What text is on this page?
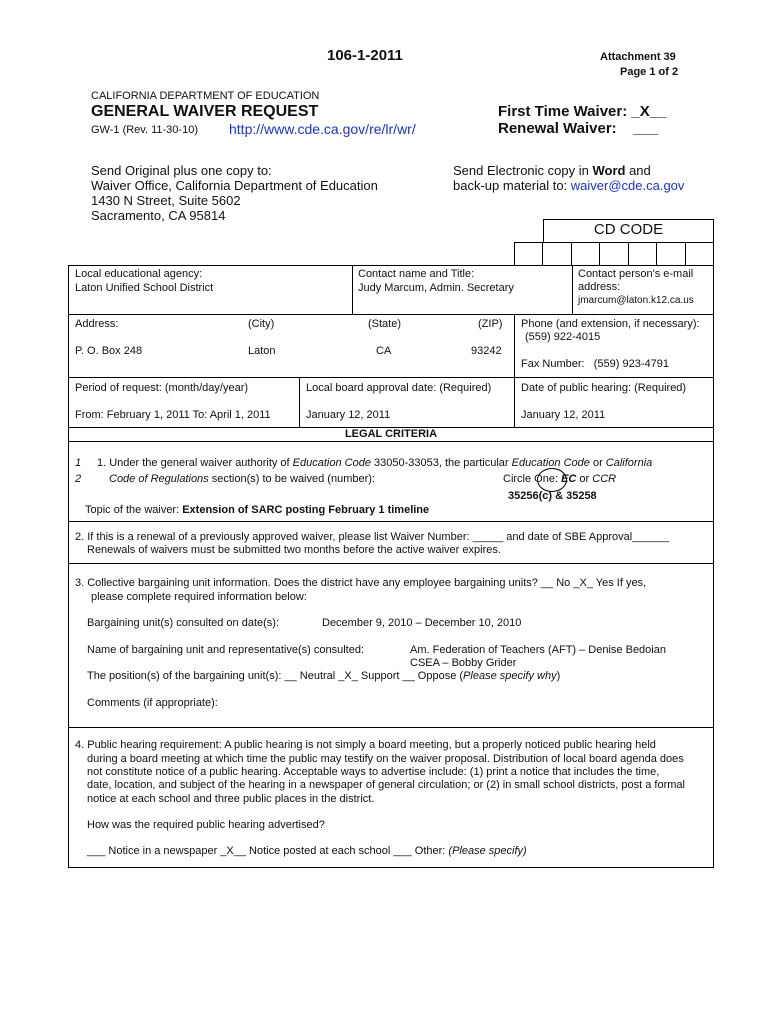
106-1-2011	Attachment 39
Page 1 of 2
CALIFORNIA DEPARTMENT OF EDUCATION
GENERAL WAIVER REQUEST
GW-1 (Rev. 11-30-10) http://www.cde.ca.gov/re/lr/wr/
First Time Waiver: _X__
Renewal Waiver: ___
Send Original plus one copy to:
Waiver Office, California Department of Education
1430 N Street, Suite 5602
Sacramento, CA 95814
Send Electronic copy in Word and
back-up material to: waiver@cde.ca.gov
CD CODE
Local educational agency:
Laton Unified School District
Contact name and Title:
Judy Marcum, Admin. Secretary
Contact person's e-mail
address:
jmarcum@laton.k12.ca.us
Address:	(City)	(State)	(ZIP)
P. O. Box 248	Laton	CA	93242
Phone (and extension, if necessary):
(559) 922-4015
Fax Number: (559) 923-4791
Period of request: (month/day/year)
From: February 1, 2011 To: April 1, 2011
Local board approval date: (Required)
January 12, 2011
Date of public hearing: (Required)
January 12, 2011
LEGAL CRITERIA
1
2
1. Under the general waiver authority of Education Code 33050-33053, the particular Education Code or California
Code of Regulations section(s) to be waived (number):	Circle One: EC or CCR
35256(c) & 35258
Topic of the waiver: Extension of SARC posting February 1 timeline
2. If this is a renewal of a previously approved waiver, please list Waiver Number: _____ and date of SBE Approval______
Renewals of waivers must be submitted two months before the active waiver expires.
3. Collective bargaining unit information. Does the district have any employee bargaining units? __ No _X_ Yes If yes,
please complete required information below:
Bargaining unit(s) consulted on date(s):	December 9, 2010 – December 10, 2010
Name of bargaining unit and representative(s) consulted:	Am. Federation of Teachers (AFT) – Denise Bedoian
CSEA – Bobby Grider
The position(s) of the bargaining unit(s): __ Neutral _X_ Support __ Oppose (Please specify why)
Comments (if appropriate):
4. Public hearing requirement: A public hearing is not simply a board meeting, but a properly noticed public hearing held
during a board meeting at which time the public may testify on the waiver proposal. Distribution of local board agenda does
not constitute notice of a public hearing. Acceptable ways to advertise include: (1) print a notice that includes the time,
date, location, and subject of the hearing in a newspaper of general circulation; or (2) in small school districts, post a formal
notice at each school and three public places in the district.
How was the required public hearing advertised?
___ Notice in a newspaper _X__ Notice posted at each school ___ Other: (Please specify)
